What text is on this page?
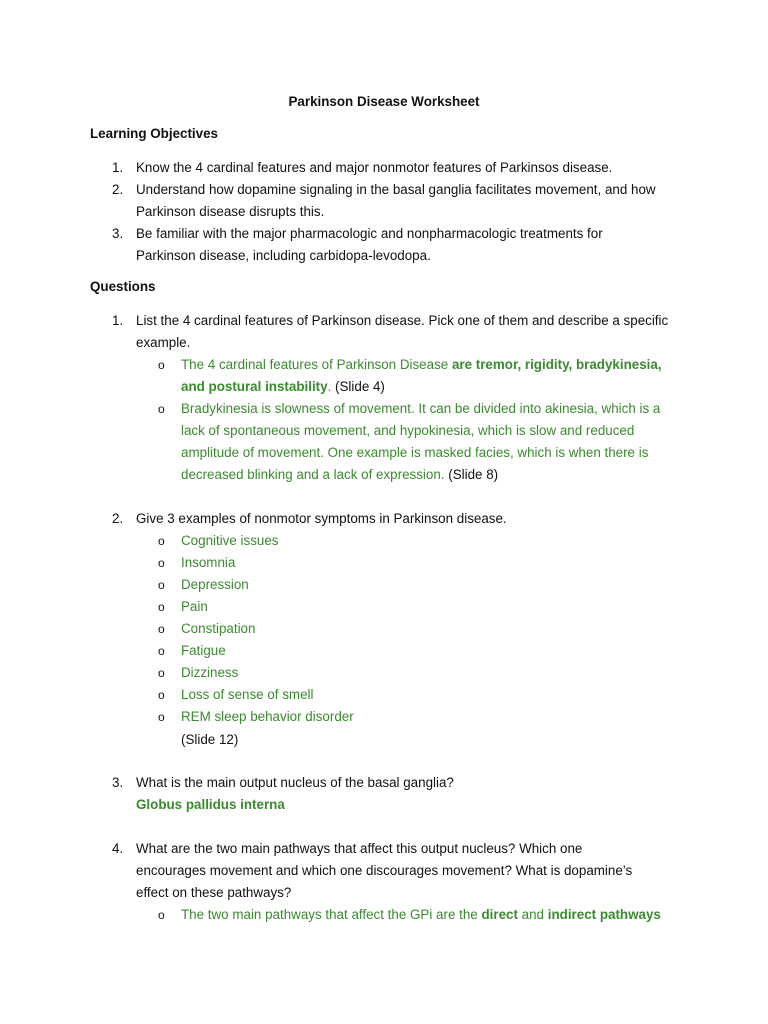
Parkinson Disease Worksheet
Learning Objectives
1. Know the 4 cardinal features and major nonmotor features of Parkinsos disease.
2. Understand how dopamine signaling in the basal ganglia facilitates movement, and how
Parkinson disease disrupts this.
3. Be familiar with the major pharmacologic and nonpharmacologic treatments for
Parkinson disease, including carbidopa-levodopa.
Questions
1. List the 4 cardinal features of Parkinson disease. Pick one of them and describe a specific
example.
o The 4 cardinal features of Parkinson Disease are tremor, rigidity, bradykinesia,
and postural instability. (Slide 4)
o Bradykinesia is slowness of movement. It can be divided into akinesia, which is a
lack of spontaneous movement, and hypokinesia, which is slow and reduced
amplitude of movement. One example is masked facies, which is when there is
decreased blinking and a lack of expression. (Slide 8)
2. Give 3 examples of nonmotor symptoms in Parkinson disease.
o Cognitive issues
o Insomnia
o Depression
o Pain
o Constipation
o Fatigue
o Dizziness
o Loss of sense of smell
o REM sleep behavior disorder
(Slide 12)
3. What is the main output nucleus of the basal ganglia?
Globus pallidus interna
4. What are the two main pathways that affect this output nucleus? Which one
encourages movement and which one discourages movement? What is dopamine’s
effect on these pathways?
o The two main pathways that affect the GPi are the direct and indirect pathways
